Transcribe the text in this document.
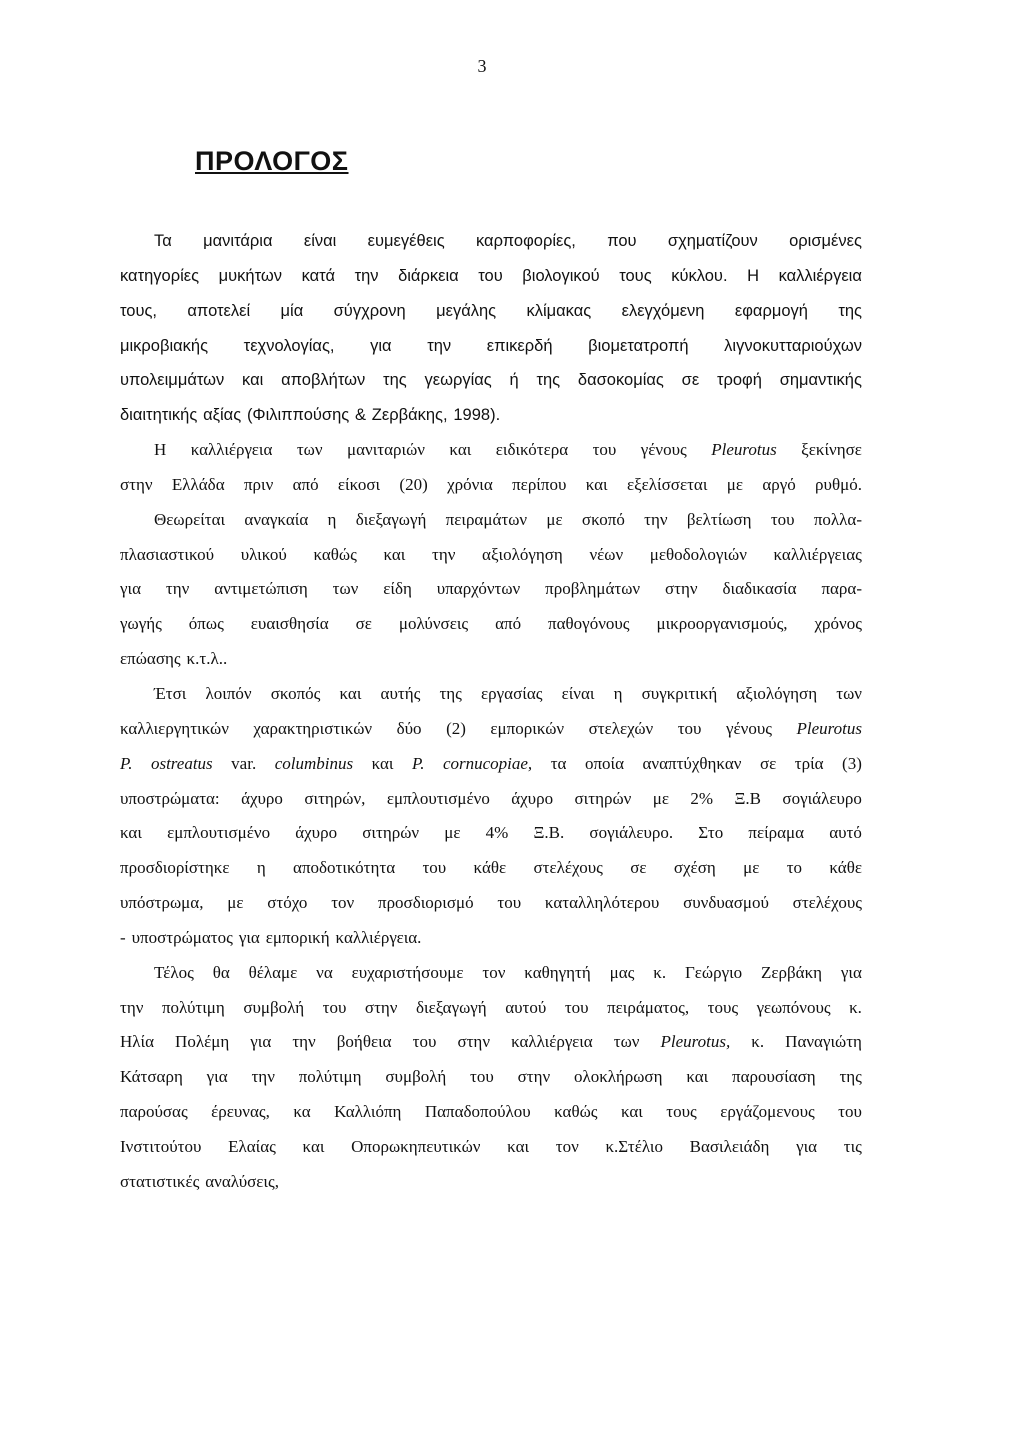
3
ΠΡΟΛΟΓΟΣ
Τα μανιτάρια είναι ευμεγέθεις καρποφορίες, που σχηματίζουν ορισμένες
κατηγορίες μυκήτων κατά την διάρκεια του βιολογικού τους κύκλου. Η καλλιέργεια
τους, αποτελεί μία σύγχρονη μεγάλης κλίμακας ελεγχόμενη εφαρμογή της
μικροβιακής τεχνολογίας, για την επικερδή βιομετατροπή λιγνοκυτταριούχων
υπολειμμάτων και αποβλήτων της γεωργίας ή της δασοκομίας σε τροφή σημαντικής
διαιτητικής αξίας (Φιλιππούσης & Ζερβάκης, 1998).
Η καλλιέργεια των μανιταριών και ειδικότερα του γένους Pleurotus ξεκίνησε
στην Ελλάδα πριν από είκοσι (20) χρόνια περίπου και εξελίσσεται με αργό ρυθμό.
Θεωρείται αναγκαία η διεξαγωγή πειραμάτων με σκοπό την βελτίωση του πολλα-
πλασιαστικού υλικού καθώς και την αξιολόγηση νέων μεθοδολογιών καλλιέργειας
για την αντιμετώπιση των είδη υπαρχόντων προβλημάτων στην διαδικασία παρα-
γωγής όπως ευαισθησία σε μολύνσεις από παθογόνους μικροοργανισμούς, χρόνος
επώασης κ.τ.λ..
Έτσι λοιπόν σκοπός και αυτής της εργασίας είναι η συγκριτική αξιολόγηση των
καλλιεργητικών χαρακτηριστικών δύο (2) εμπορικών στελεχών του γένους Pleurotus
P. ostreatus var. columbinus και P. cornucopiae, τα οποία αναπτύχθηκαν σε τρία (3)
υποστρώματα: άχυρο σιτηρών, εμπλουτισμένο άχυρο σιτηρών με 2% Ξ.Β σογιάλευρο
και εμπλουτισμένο άχυρο σιτηρών με 4% Ξ.Β. σογιάλευρο. Στο πείραμα αυτό
προσδιορίστηκε η αποδοτικότητα του κάθε στελέχους σε σχέση με το κάθε
υπόστρωμα, με στόχο τον προσδιορισμό του καταλληλότερου συνδυασμού στελέχους
- υποστρώματος για εμπορική καλλιέργεια.
Τέλος θα θέλαμε να ευχαριστήσουμε τον καθηγητή μας κ. Γεώργιο Ζερβάκη για
την πολύτιμη συμβολή του στην διεξαγωγή αυτού του πειράματος, τους γεωπόνους κ.
Ηλία Πολέμη για την βοήθεια του στην καλλιέργεια των Pleurotus, κ. Παναγιώτη
Κάτσαρη για την πολύτιμη συμβολή του στην ολοκλήρωση και παρουσίαση της
παρούσας έρευνας, κα Καλλιόπη Παπαδοπούλου καθώς και τους εργάζομενους του
Ινστιτούτου Ελαίας και Οπορωκηπευτικών και τον κ.Στέλιο Βασιλειάδη για τις
στατιστικές αναλύσεις,
